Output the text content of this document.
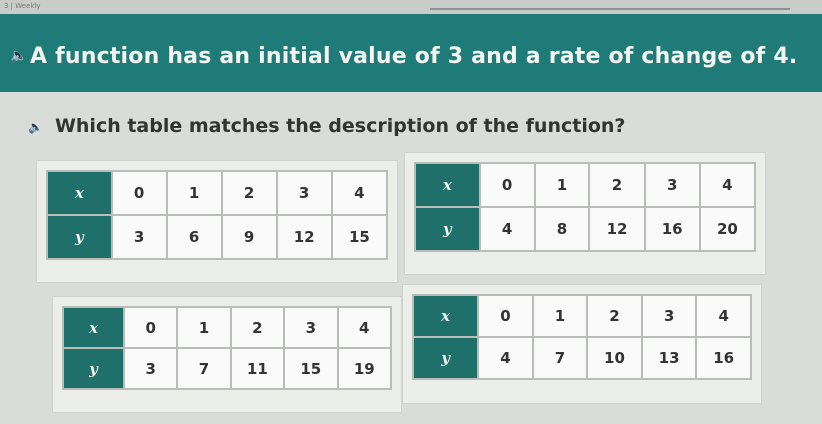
3 | Weekly
🔈 A function has an initial value of 3 and a rate of change of 4.
🔈 Which table matches the description of the function?
x	0	1	2	3	4
y	3	6	9	12	15
x	0	1	2	3	4
y	4	8	12	16	20
x	0	1	2	3	4
y	3	7	11	15	19
x	0	1	2	3	4
y	4	7	10	13	16
